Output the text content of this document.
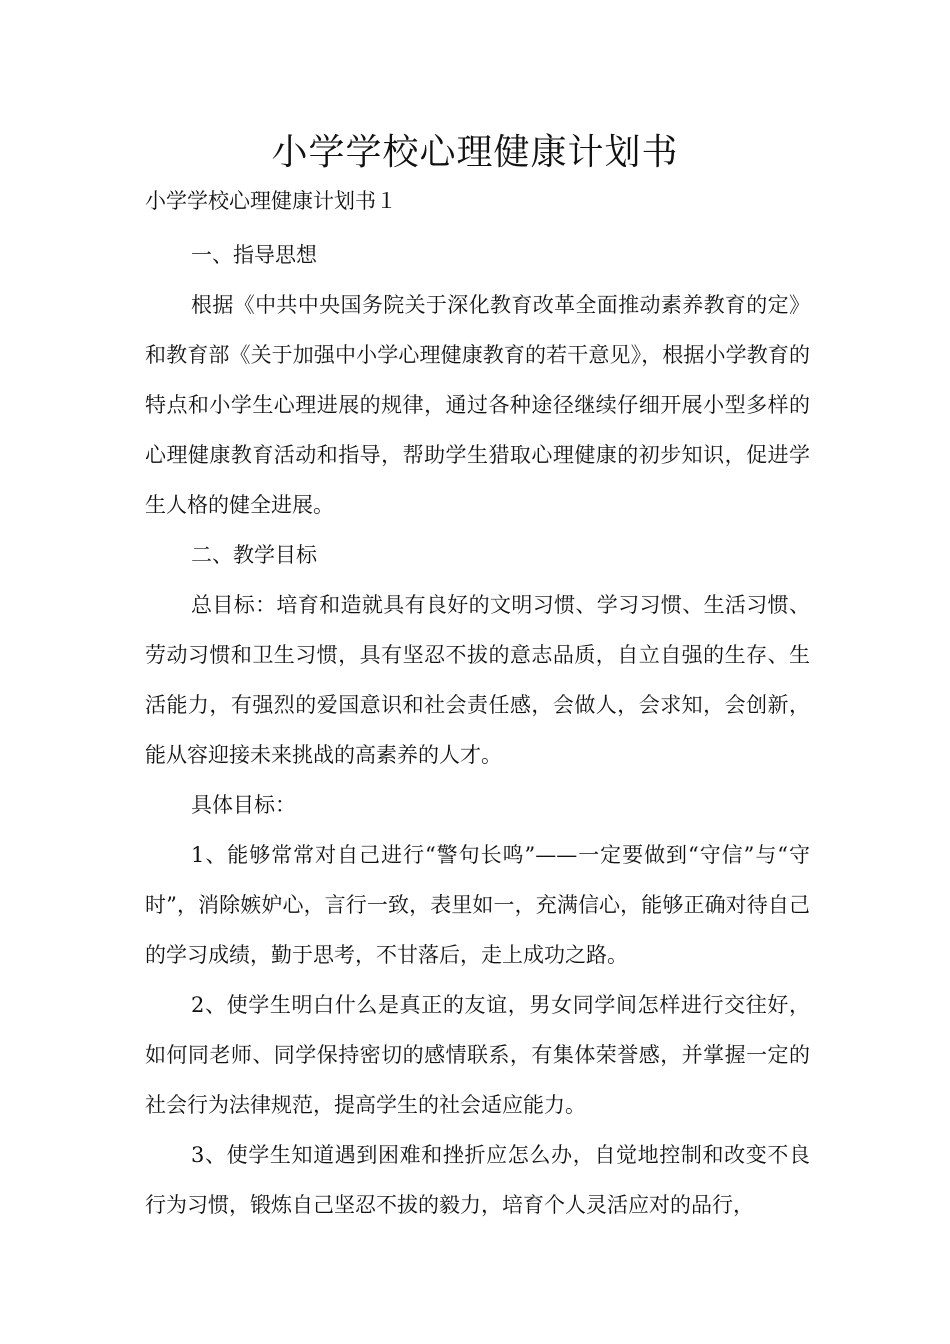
小学学校心理健康计划书
小学学校心理健康计划书１

一、指导思想

根据《中共中央国务院关于深化教育改革全面推动素养教育的定》和教育部《关于加强中小学心理健康教育的若干意见》，根据小学教育的特点和小学生心理进展的规律，通过各种途径继续仔细开展小型多样的心理健康教育活动和指导，帮助学生猎取心理健康的初步知识，促进学生人格的健全进展。

二、教学目标

总目标：培育和造就具有良好的文明习惯、学习习惯、生活习惯、劳动习惯和卫生习惯，具有坚忍不拔的意志品质，自立自强的生存、生活能力，有强烈的爱国意识和社会责任感，会做人，会求知，会创新，能从容迎接未来挑战的高素养的人才。

具体目标：

1、能够常常对自己进行“警句长鸣”——一定要做到“守信”与“守时”，消除嫉妒心，言行一致，表里如一，充满信心，能够正确对待自己的学习成绩，勤于思考，不甘落后，走上成功之路。

2、使学生明白什么是真正的友谊，男女同学间怎样进行交往好，如何同老师、同学保持密切的感情联系，有集体荣誉感，并掌握一定的社会行为法律规范，提高学生的社会适应能力。

3、使学生知道遇到困难和挫折应怎么办，自觉地控制和改变不良行为习惯，锻炼自己坚忍不拔的毅力，培育个人灵活应对的品行，
